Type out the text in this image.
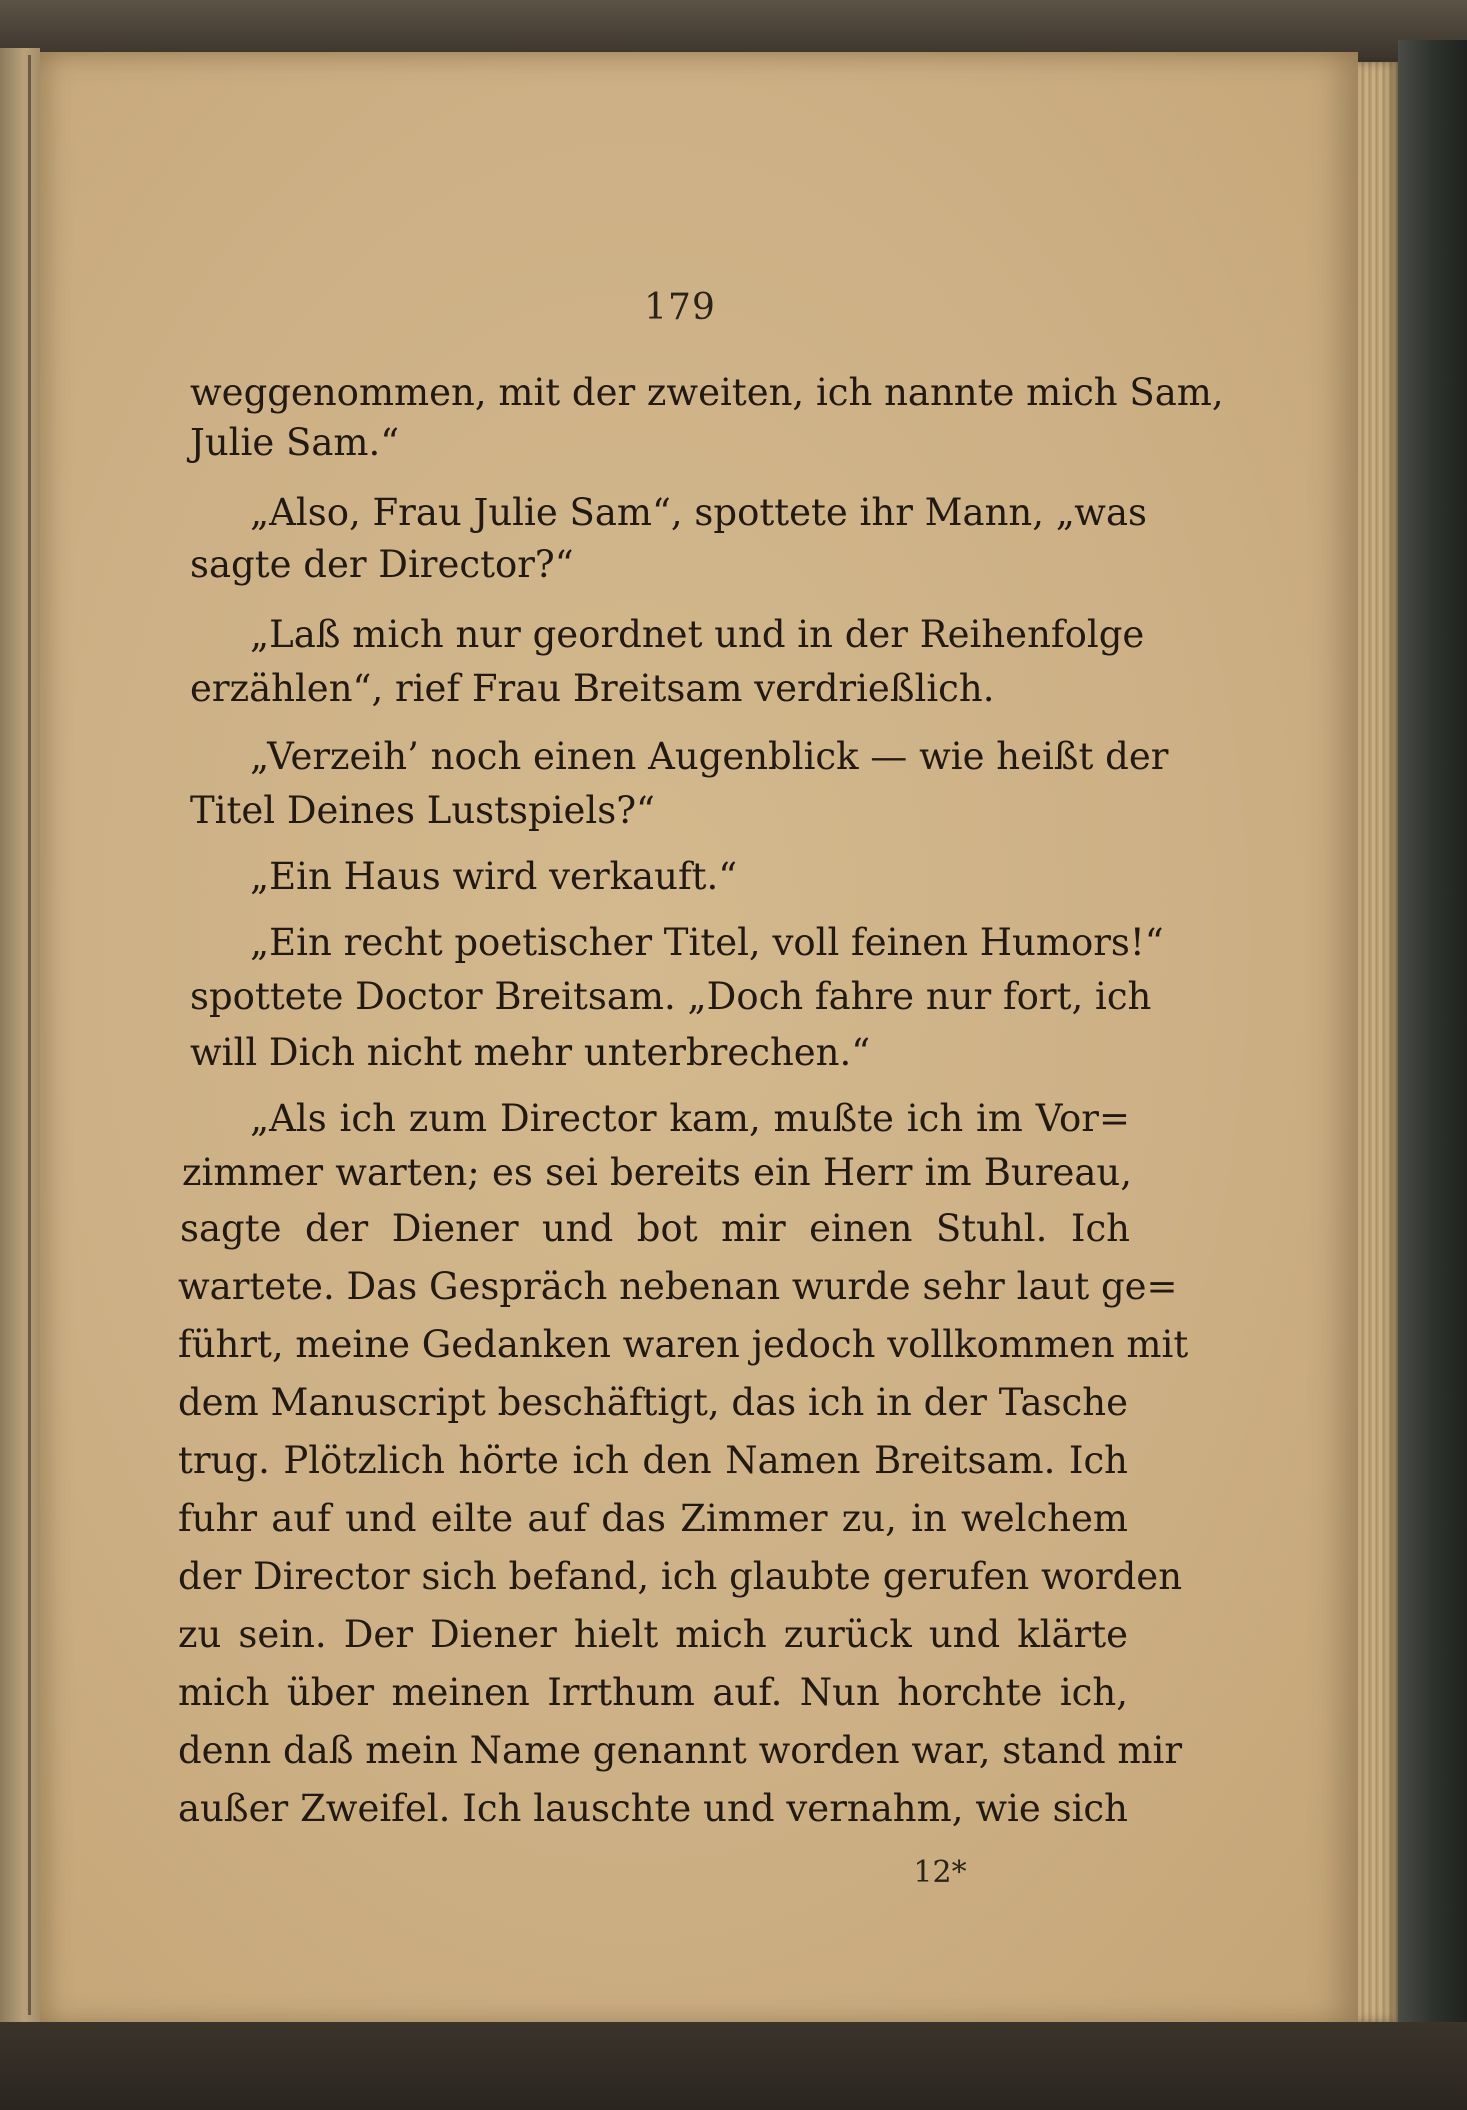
179
weggenommen, mit der zweiten, ich nannte mich Sam,
Julie Sam.“
„Also, Frau Julie Sam“, spottete ihr Mann, „was
sagte der Director?“
„Laß mich nur geordnet und in der Reihenfolge
erzählen“, rief Frau Breitsam verdrießlich.
„Verzeih’ noch einen Augenblick — wie heißt der
Titel Deines Lustspiels?“
„Ein Haus wird verkauft.“
„Ein recht poetischer Titel, voll feinen Humors!“
spottete Doctor Breitsam. „Doch fahre nur fort, ich
will Dich nicht mehr unterbrechen.“
„Als ich zum Director kam, mußte ich im Vor=
zimmer warten; es sei bereits ein Herr im Bureau,
sagte der Diener und bot mir einen Stuhl. Ich
wartete. Das Gespräch nebenan wurde sehr laut ge=
führt, meine Gedanken waren jedoch vollkommen mit
dem Manuscript beschäftigt, das ich in der Tasche
trug. Plötzlich hörte ich den Namen Breitsam. Ich
fuhr auf und eilte auf das Zimmer zu, in welchem
der Director sich befand, ich glaubte gerufen worden
zu sein. Der Diener hielt mich zurück und klärte
mich über meinen Irrthum auf. Nun horchte ich,
denn daß mein Name genannt worden war, stand mir
außer Zweifel. Ich lauschte und vernahm, wie sich
12*
